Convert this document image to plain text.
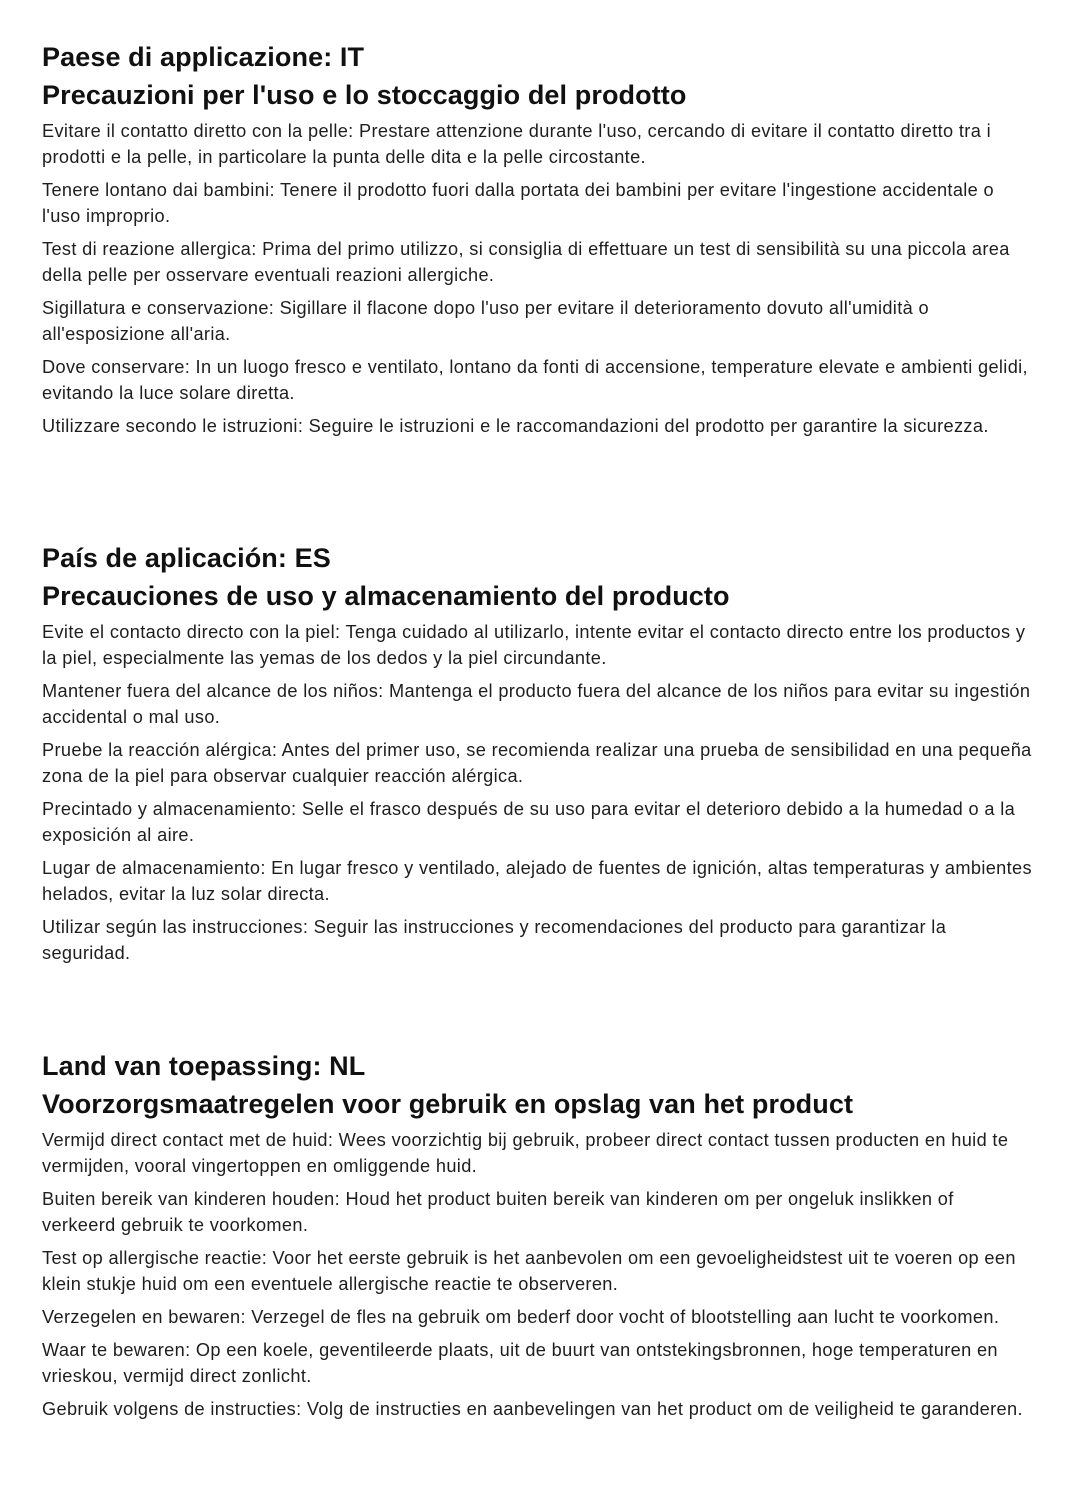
Paese di applicazione: IT
Precauzioni per l'uso e lo stoccaggio del prodotto
Evitare il contatto diretto con la pelle: Prestare attenzione durante l'uso, cercando di evitare il contatto diretto tra i prodotti e la pelle, in particolare la punta delle dita e la pelle circostante.
Tenere lontano dai bambini: Tenere il prodotto fuori dalla portata dei bambini per evitare l'ingestione accidentale o l'uso improprio.
Test di reazione allergica: Prima del primo utilizzo, si consiglia di effettuare un test di sensibilità su una piccola area della pelle per osservare eventuali reazioni allergiche.
Sigillatura e conservazione: Sigillare il flacone dopo l'uso per evitare il deterioramento dovuto all'umidità o all'esposizione all'aria.
Dove conservare: In un luogo fresco e ventilato, lontano da fonti di accensione, temperature elevate e ambienti gelidi, evitando la luce solare diretta.
Utilizzare secondo le istruzioni: Seguire le istruzioni e le raccomandazioni del prodotto per garantire la sicurezza.
País de aplicación: ES
Precauciones de uso y almacenamiento del producto
Evite el contacto directo con la piel: Tenga cuidado al utilizarlo, intente evitar el contacto directo entre los productos y la piel, especialmente las yemas de los dedos y la piel circundante.
Mantener fuera del alcance de los niños: Mantenga el producto fuera del alcance de los niños para evitar su ingestión accidental o mal uso.
Pruebe la reacción alérgica: Antes del primer uso, se recomienda realizar una prueba de sensibilidad en una pequeña zona de la piel para observar cualquier reacción alérgica.
Precintado y almacenamiento: Selle el frasco después de su uso para evitar el deterioro debido a la humedad o a la exposición al aire.
Lugar de almacenamiento: En lugar fresco y ventilado, alejado de fuentes de ignición, altas temperaturas y ambientes helados, evitar la luz solar directa.
Utilizar según las instrucciones: Seguir las instrucciones y recomendaciones del producto para garantizar la seguridad.
Land van toepassing: NL
Voorzorgsmaatregelen voor gebruik en opslag van het product
Vermijd direct contact met de huid: Wees voorzichtig bij gebruik, probeer direct contact tussen producten en huid te vermijden, vooral vingertoppen en omliggende huid.
Buiten bereik van kinderen houden: Houd het product buiten bereik van kinderen om per ongeluk inslikken of verkeerd gebruik te voorkomen.
Test op allergische reactie: Voor het eerste gebruik is het aanbevolen om een gevoeligheidstest uit te voeren op een klein stukje huid om een eventuele allergische reactie te observeren.
Verzegelen en bewaren: Verzegel de fles na gebruik om bederf door vocht of blootstelling aan lucht te voorkomen.
Waar te bewaren: Op een koele, geventileerde plaats, uit de buurt van ontstekingsbronnen, hoge temperaturen en vrieskou, vermijd direct zonlicht.
Gebruik volgens de instructies: Volg de instructies en aanbevelingen van het product om de veiligheid te garanderen.
